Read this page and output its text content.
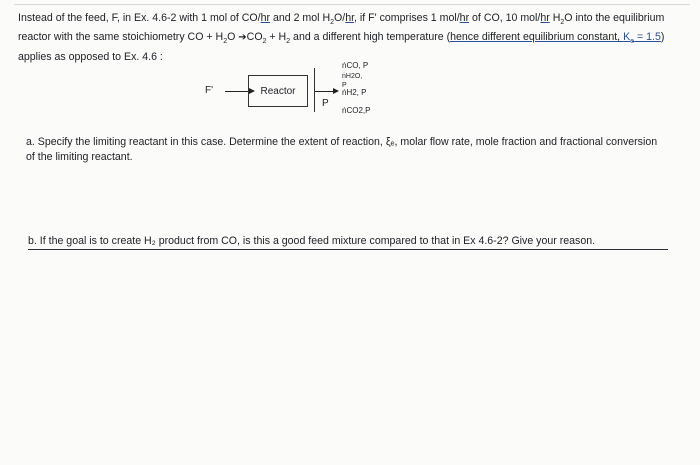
Instead of the feed, F, in Ex. 4.6-2 with 1 mol of CO/hr and 2 mol $H_2O/hr$, if F' comprises 1 mol/hr of CO, 10 mol/hr $H_2O$ into the equilibrium reactor with the same stoichiometry CO + $H_2O$ $➔CO_2 + H_2$ and a different high temperature (hence different equilibrium constant, $K_e = 1.5$) applies as opposed to Ex. 4.6 :
F'	Reactor
P
ṅCO, P
ṅH2O,
P
ṅH2, P
ṅCO2,P
a. Specify the limiting reactant in this case. Determine the extent of reaction, ξₑ, molar flow rate, mole fraction and fractional conversion of the limiting reactant.
b. If the goal is to create H₂ product from CO, is this a good feed mixture compared to that in Ex 4.6-2? Give your reason.
